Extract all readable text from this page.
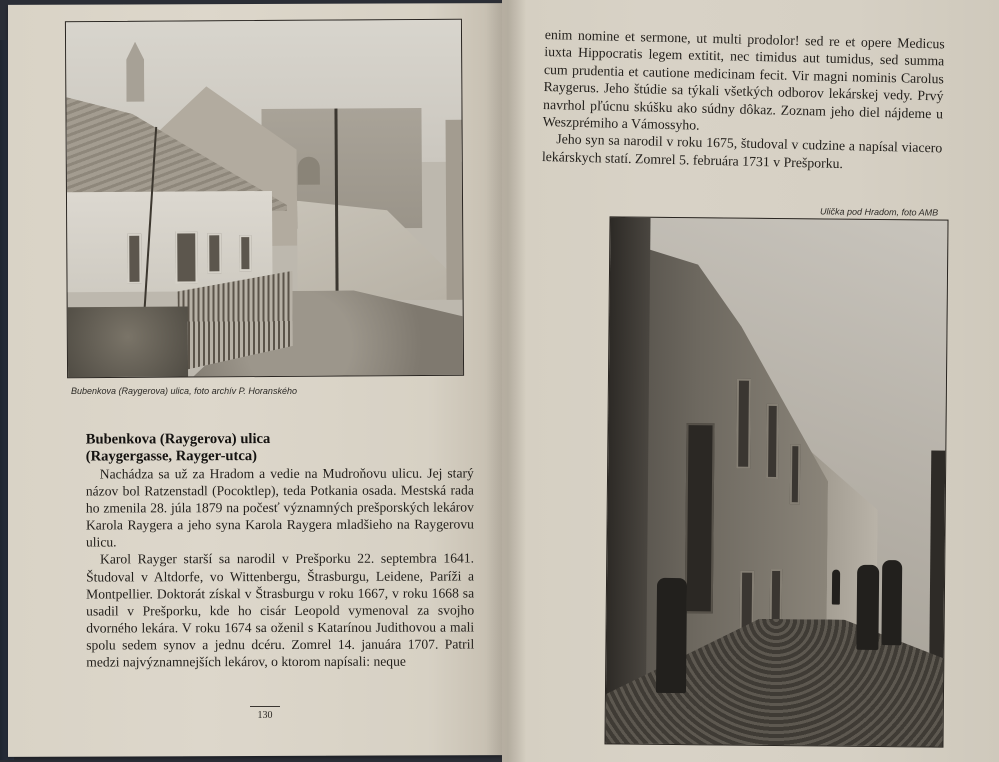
Bubenkova (Raygerova) ulica, foto archív P. Horanského
Bubenkova (Raygerova) ulica
(Raygergasse, Rayger-utca)

Nachádza sa už za Hradom a vedie na Mudroňovu ulicu. Jej starý názov bol Ratzenstadl (Pocoktlep), teda Potkania osada. Mestská rada ho zmenila 28. júla 1879 na počesť významných prešporských lekárov Karola Raygera a jeho syna Karola Raygera mladšieho na Raygerovu ulicu.

Karol Rayger starší sa narodil v Prešporku 22. septembra 1641. Študoval v Altdorfe, vo Wittenbergu, Štrasburgu, Leidene, Paríži a Montpellier. Doktorát získal v Štrasburgu v roku 1667, v roku 1668 sa usadil v Prešporku, kde ho cisár Leopold vymenoval za svojho dvorného lekára. V roku 1674 sa oženil s Katarínou Judithovou a mali spolu sedem synov a jednu dcéru. Zomrel 14. januára 1707. Patril medzi najvýznamnejších lekárov, o ktorom napísali: neque

130

enim nomine et sermone, ut multi prodolor! sed re et opere Medicus iuxta Hippocratis legem extitit, nec timidus aut tumidus, sed summa cum prudentia et cautione medicinam fecit. Vir magni nominis Carolus Raygerus. Jeho štúdie sa týkali všetkých odborov lekárskej vedy. Prvý navrhol pľúcnu skúšku ako súdny dôkaz. Zoznam jeho diel nájdeme u Weszprémiho a Vámossyho.

Jeho syn sa narodil v roku 1675, študoval v cudzine a napísal viacero lekárskych statí. Zomrel 5. februára 1731 v Prešporku.

Ulička pod Hradom, foto AMB
